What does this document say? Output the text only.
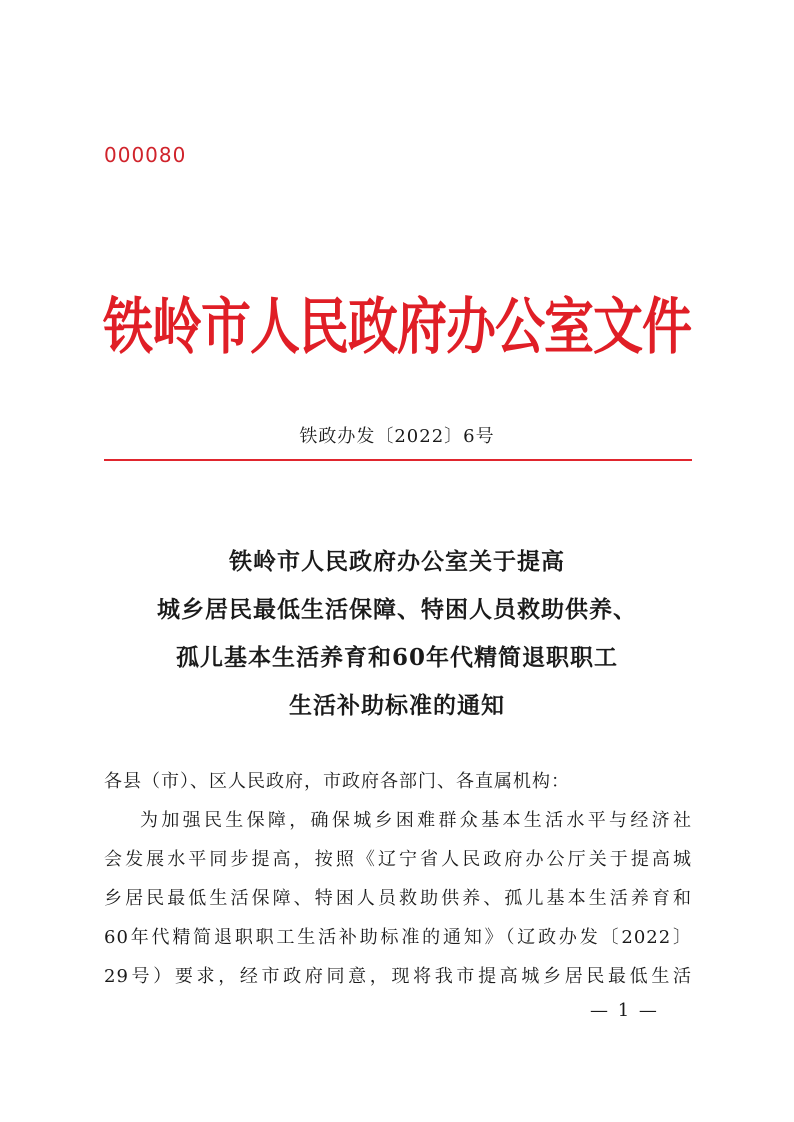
000080
铁岭市人民政府办公室文件
铁政办发〔2022〕6号
铁岭市人民政府办公室关于提高
城乡居民最低生活保障、特困人员救助供养、
孤儿基本生活养育和60年代精简退职职工
生活补助标准的通知

各县（市）、区人民政府，市政府各部门、各直属机构：

为加强民生保障，确保城乡困难群众基本生活水平与经济社

会发展水平同步提高，按照《辽宁省人民政府办公厅关于提高城

乡居民最低生活保障、特困人员救助供养、孤儿基本生活养育和

60年代精简退职职工生活补助标准的通知》（辽政办发〔2022〕

29号）要求，经市政府同意，现将我市提高城乡居民最低生活

— 1 —
